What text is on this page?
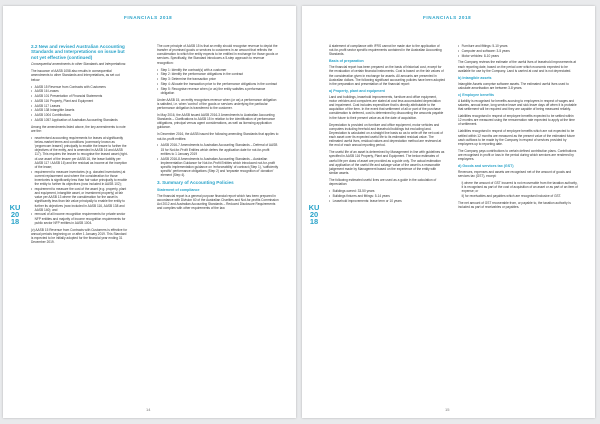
FINANCIALS 2018
KU
20
18
2.2 New and revised Australian Accounting Standards and Interpretations on issue but not yet effective (continued)

Consequential amendments to other Standards and Interpretations:

The issuance of AASB 1058 also results in consequential amendments to other Standards and Interpretations, as set out below:

• AASB 15 Revenue from Contracts with Customers
• AASB 16 Leases
• AASB 101 Presentation of Financial Statements
• AASB 116 Property, Plant and Equipment
• AASB 117 Leases
• AASB 138 Intangible Assets
• AASB 1004 Contributions
• AASB 1057 Application of Australian Accounting Standards

Among the amendments listed above, the key amendments to note are the:

• new/revised accounting requirements for leases at significantly below-market terms and conditions (commonly known as 'peppercorn leases') principally to enable the lessee to further the objectives of the entity, and is amended in AASB 16 and AASB 117). This requires the lessee to recognise the leased asset (right-of-use asset of the lessee per AASB 16, the lease liability per AASB 117 / AASB 16) and the residual as income at the inception of the lease;
• requirement to measure inventories (e.g. donated inventories) at current replacement cost where the consideration for those inventories is significantly less than fair value principally to enable the entity to further its objectives (now included in AASB 102);
• requirement to measure the cost of the asset (e.g. property, plant and equipment, intangible asset, or investment property) at fair value per AASB 13 where the consideration for the asset is significantly less than fair value principally to enable the entity to further its objectives (now included in AASB 116, AASB 138 and AASB 140); and
• removal of all income recognition requirements for private sector NFP entities and majority of income recognition requirements for public sector NFP entities in AASB 1004.

(v) AASB 15 Revenue from Contracts with Customers is effective for annual periods beginning on or after 1 January 2019. This Standard is expected to be initially adopted for the financial year ending 31 December 2019.

The core principle of AASB 15 is that an entity should recognise revenue to depict the transfer of promised goods or services to customers in an amount that reflects the consideration to which the entity expects to be entitled in exchange for those goods or services. Specifically, the Standard introduces a 5-step approach to revenue recognition:

• Step 1: Identify the contract(s) with a customer
• Step 2: Identify the performance obligations in the contract
• Step 3: Determine the transaction price
• Step 4: Allocate the transaction price to the performance obligations in the contract
• Step 5: Recognise revenue when (or as) the entity satisfies a performance obligation

Under AASB 15, an entity recognises revenue when (or as) a performance obligation is satisfied, i.e. when 'control' of the goods or services underlying the particular performance obligation is transferred to the customer.

In May 2016, the AASB issued AASB 2016-3 Amendments to Australian Accounting Standards – Clarifications to AASB 15 in relation to the identification of performance obligations, principal versus agent considerations, as well as licensing application guidance.

In December 2016, the AASB issued the following amending Standards that applies to not-for-profit entities:

• AASB 2016-7 Amendments to Australian Accounting Standards – Deferral of AASB 15 for Not-for-Profit Entities which defers the application date for not-for-profit entities to 1 January 2019
• AASB 2016-8 Amendments to Australian Accounting Standards – Australian Implementation Guidance for Not-for-Profit Entities which introduced not-for-profit specific implementation guidance on 'enforceability' of contract (Step 1), 'sufficiently specific' performance obligations (Step 2) and 'separate recognition of' donation' element (Step 4).
3. Summary of Accounting Policies
Statement of compliance

The financial report is a general purpose financial report which has been prepared in accordance with Division 60 of the Australian Charities and Not-for-profits Commission Act 2012 and Australian Accounting Standards – Reduced Disclosure Requirements and complies with other requirements of the law.

14
FINANCIALS 2018
KU
20
18

A statement of compliance with IFRS cannot be made due to the application of not-for-profit sector specific requirements contained in the Australian Accounting Standards.

Basis of preparation

The financial report has been prepared on the basis of historical cost, except for the revaluation of certain financial instruments. Cost is based on the fair values of the consideration given in exchange for assets. All amounts are presented in Australian dollars. The following significant accounting policies have been adopted in the preparation and presentation of the financial report:

a) Property, plant and equipment

Land and buildings, leasehold improvements, furniture and office equipment, motor vehicles and computers are stated at cost less accumulated depreciation and impairment. Cost includes expenditure that is directly attributable to the acquisition of the item. In the event that settlement of all or part of the purchase consideration is deferred, cost is determined by discounting the amounts payable in the future to their present value as at the date of acquisition.

Depreciation is provided on furniture and office equipment, motor vehicles and computers including freehold and leasehold buildings but excluding land. Depreciation is calculated on a straight line basis so as to write off the net cost of each asset over its expected useful life to its estimated residual value. The estimated useful lives, residual values and depreciation method are reviewed at the end of each annual reporting period.

The useful life of an asset is determined by Management in line with guidelines as specified in AASB 116 Property, Plant and Equipment. The below estimates of useful life per class of asset are provided as a guide only. The actual estimation and application of the useful life and salvage value of the asset is a reasonable judgement made by Management based on the experience of the entity with similar assets.

The following estimated useful lives are used as a guide in the calculation of depreciation:

• Buildings owned: 33-50 years
• Buildings fixtures and fittings: 5-14 years
• Leasehold improvements: lease term or 10 years
• Furniture and fittings: 5-10 years
• Computer and software: 3-5 years
• Motor vehicles: 8-10 years

The Company reviews the estimate of the useful lives of leasehold improvements at each reporting date, based on the period over which economic expected to be available for use by the Company. Land is carried at cost and is not depreciated.

b) Intangible assets

Intangible Assets comprise software assets. The estimated useful lives used to calculate amortisation are between 3-8 years.

c) Employee benefits

A liability is recognised for benefits accruing to employees in respect of wages and salaries, annual leave, long service leave and sick leave days off when it is probable that settlement will be required and they are capable of being measured reliably.

Liabilities recognised in respect of employee benefits expected to be settled within 12 months are measured using the remuneration rate expected to apply at the time of settlement.

Liabilities recognised in respect of employee benefits which are not expected to be settled within 12 months are measured as the present value of the estimated future cash outflows to be made by the Company in respect of services provided by employees up to reporting date.

The Company pays contributions to certain defined contribution plans. Contributions are recognised in profit or loss in the period during which services are rendered by employees.

d) Goods and services tax (GST)

Revenues, expenses and assets are recognised net of the amount of goods and services tax (GST), except:

i) where the amount of GST incurred is not recoverable from the taxation authority, it is recognised as part of the cost of acquisition of an asset or as part of an item of expense; or
ii) for receivables and payables which are recognised inclusive of GST.

The net amount of GST recoverable from, or payable to, the taxation authority is included as part of receivables or payables.

15
